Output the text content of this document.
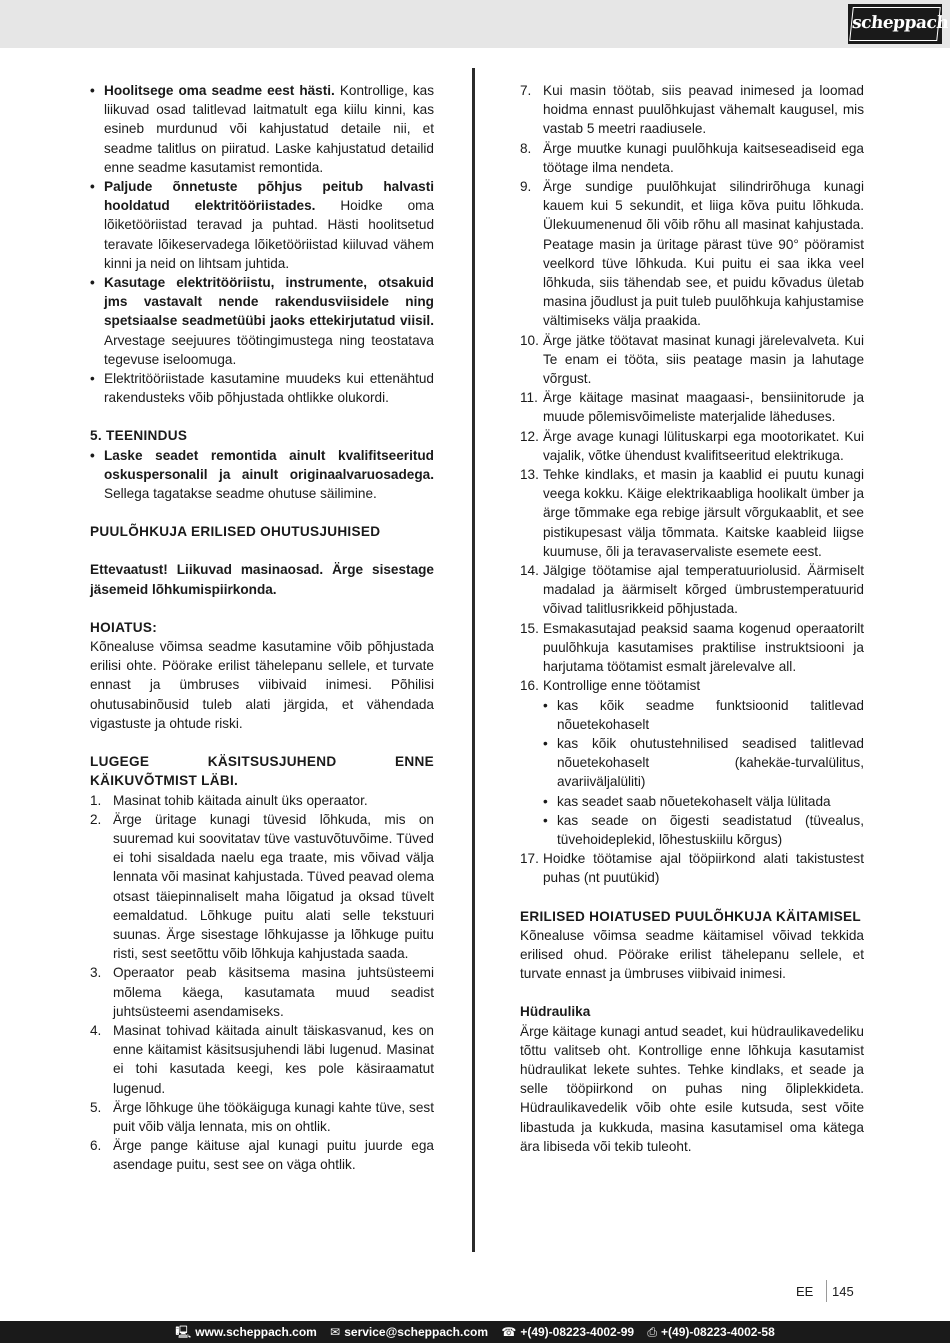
scheppach
• Hoolitsege oma seadme eest hästi. Kontrollige, kas liikuvad osad talitlevad laitmatult ega kiilu kinni, kas esineb murdunud või kahjustatud detaile nii, et seadme talitlus on piiratud. Laske kahjustatud detailid enne seadme kasutamist remontida.
• Paljude õnnetuste põhjus peitub halvasti hooldatud elektritööriistades. Hoidke oma lõiketööriistad teravad ja puhtad. Hästi hoolitsetud teravate lõikeservadega lõiketööriistad kiiluvad vähem kinni ja neid on lihtsam juhtida.
• Kasutage elektritööriistu, instrumente, otsakuid jms vastavalt nende rakendusviisidele ning spetsiaalse seadmetüübi jaoks ettekirjutatud viisil. Arvestage seejuures töötingimustega ning teostatava tegevuse iseloomuga.
• Elektritööriistade kasutamine muudeks kui ettenähtud rakendusteks võib põhjustada ohtlikke olukordi.

5. TEENINDUS

• Laske seadet remontida ainult kvalifitseeritud oskuspersonalil ja ainult originaalvaruosadega. Sellega tagatakse seadme ohutuse säilimine.

PUULÕHKUJA ERILISED OHUTUSJUHISED

Ettevaatust! Liikuvad masinaosad. Ärge sisestage jäsemeid lõhkumispiirkonda.

HOIATUS:

Kõnealuse võimsa seadme kasutamine võib põhjustada erilisi ohte. Pöörake erilist tähelepanu sellele, et turvate ennast ja ümbruses viibivaid inimesi. Põhilisi ohutusabinõusid tuleb alati järgida, et vähendada vigastuste ja ohtude riski.

LUGEGE KÄSITSUSJUHEND ENNE KÄIKUVÕTMIST LÄBI.

1. Masinat tohib käitada ainult üks operaator.
2. Ärge üritage kunagi tüvesid lõhkuda, mis on suuremad kui soovitatav tüve vastuvõtuvõime. Tüved ei tohi sisaldada naelu ega traate, mis võivad välja lennata või masinat kahjustada. Tüved peavad olema otsast täiepinnaliselt maha lõigatud ja oksad tüvelt eemaldatud. Lõhkuge puitu alati selle tekstuuri suunas. Ärge sisestage lõhkujasse ja lõhkuge puitu risti, sest seetõttu võib lõhkuja kahjustada saada.
3. Operaator peab käsitsema masina juhtsüsteemi mõlema käega, kasutamata muud seadist juhtsüsteemi asendamiseks.
4. Masinat tohivad käitada ainult täiskasvanud, kes on enne käitamist käsitsusjuhendi läbi lugenud. Masinat ei tohi kasutada keegi, kes pole käsiraamatut lugenud.
5. Ärge lõhkuge ühe töökäiguga kunagi kahte tüve, sest puit võib välja lennata, mis on ohtlik.
6. Ärge pange käituse ajal kunagi puitu juurde ega asendage puitu, sest see on väga ohtlik.
7. Kui masin töötab, siis peavad inimesed ja loomad hoidma ennast puulõhkujast vähemalt kaugusel, mis vastab 5 meetri raadiusele.
8. Ärge muutke kunagi puulõhkuja kaitseseadiseid ega töötage ilma nendeta.
9. Ärge sundige puulõhkujat silindrirõhuga kunagi kauem kui 5 sekundit, et liiga kõva puitu lõhkuda. Ülekuumenenud õli võib rõhu all masinat kahjustada. Peatage masin ja üritage pärast tüve 90° pööramist veelkord tüve lõhkuda. Kui puitu ei saa ikka veel lõhkuda, siis tähendab see, et puidu kõvadus ületab masina jõudlust ja puit tuleb puulõhkuja kahjustamise vältimiseks välja praakida.
10. Ärge jätke töötavat masinat kunagi järelevalveta. Kui Te enam ei tööta, siis peatage masin ja lahutage võrgust.
11. Ärge käitage masinat maagaasi-, bensiinitorude ja muude põlemisvõimeliste materjalide läheduses.
12. Ärge avage kunagi lülituskarpi ega mootorikatet. Kui vajalik, võtke ühendust kvalifitseeritud elektrikuga.
13. Tehke kindlaks, et masin ja kaablid ei puutu kunagi veega kokku. Käige elektrikaabliga hoolikalt ümber ja ärge tõmmake ega rebige järsult võrgukaablit, et see pistikupesast välja tõmmata. Kaitske kaableid liigse kuumuse, õli ja teravaservaliste esemete eest.
14. Jälgige töötamise ajal temperatuuriolusid. Äärmiselt madalad ja äärmiselt kõrged ümbrustemperatuurid võivad talitlusrikkeid põhjustada.
15. Esmakasutajad peaksid saama kogenud operaatorilt puulõhkuja kasutamises praktilise instruktsiooni ja harjutama töötamist esmalt järelevalve all.
16. Kontrollige enne töötamist
• kas kõik seadme funktsioonid talitlevad nõuetekohaselt
• kas kõik ohutustehnilised seadised talitlevad nõuetekohaselt (kahekäe-turvalülitus, avariiväljalüliti)
• kas seadet saab nõuetekohaselt välja lülitada
• kas seade on õigesti seadistatud (tüvealus, tüvehoideplekid, lõhestuskiilu kõrgus)
17. Hoidke töötamise ajal tööpiirkond alati takistustest puhas (nt puutükid)

ERILISED HOIATUSED PUULÕHKUJA KÄITAMISEL

Kõnealuse võimsa seadme käitamisel võivad tekkida erilised ohud. Pöörake erilist tähelepanu sellele, et turvate ennast ja ümbruses viibivaid inimesi.

Hüdraulika

Ärge käitage kunagi antud seadet, kui hüdraulikavedeliku tõttu valitseb oht. Kontrollige enne lõhkuja kasutamist hüdraulikat lekete suhtes. Tehke kindlaks, et seade ja selle tööpiirkond on puhas ning õliplekkideta. Hüdraulikavedelik võib ohte esile kutsuda, sest võite libastuda ja kukkuda, masina kasutamisel oma kätega ära libiseda või tekib tuleoht.

EE 145
🖳 www.scheppach.com ✉ service@scheppach.com ☎ +(49)-08223-4002-99 ⎙ +(49)-08223-4002-58
